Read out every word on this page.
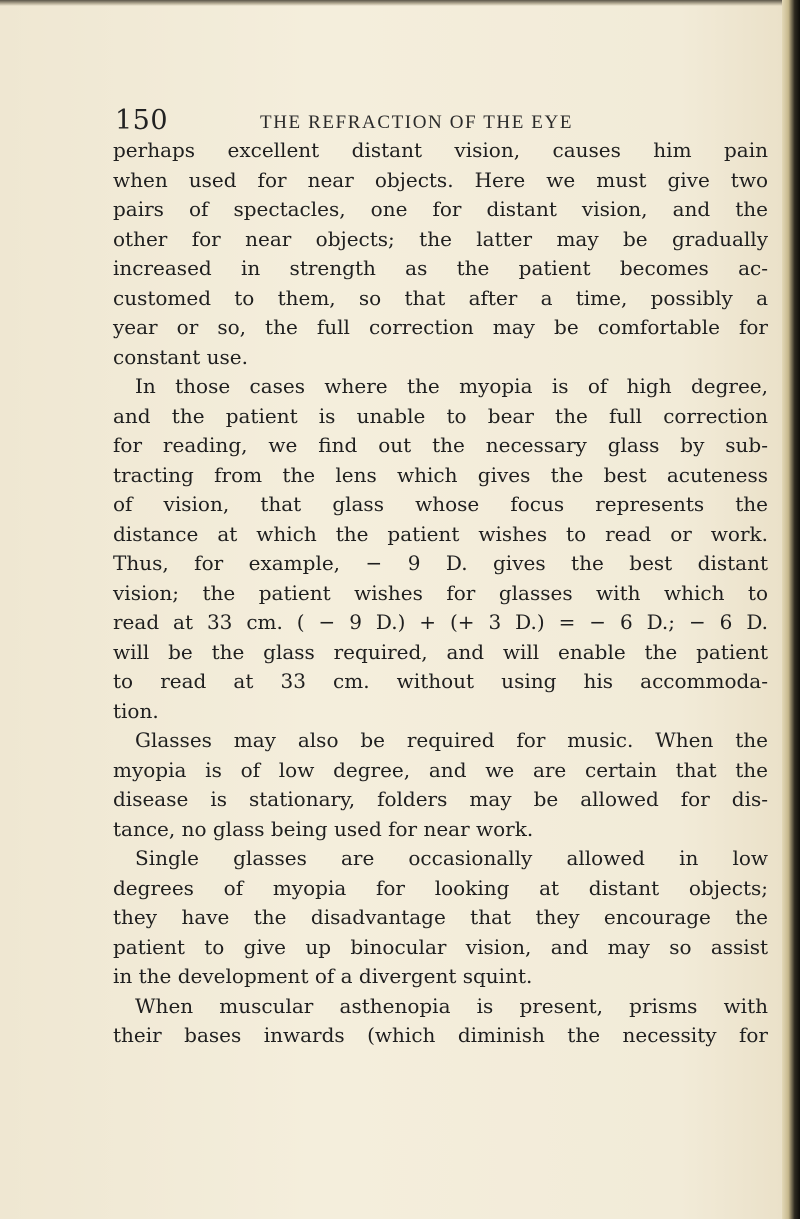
150	THE REFRACTION OF THE EYE
perhaps excellent distant vision, causes him pain
when used for near objects. Here we must give two
pairs of spectacles, one for distant vision, and the
other for near objects; the latter may be gradually
increased in strength as the patient becomes ac-
customed to them, so that after a time, possibly a
year or so, the full correction may be comfortable for
constant use.
In those cases where the myopia is of high degree,
and the patient is unable to bear the full correction
for reading, we find out the necessary glass by sub-
tracting from the lens which gives the best acuteness
of vision, that glass whose focus represents the
distance at which the patient wishes to read or work.
Thus, for example, − 9 D. gives the best distant
vision; the patient wishes for glasses with which to
read at 33 cm. ( − 9 D.) + (+ 3 D.) = − 6 D.; − 6 D.
will be the glass required, and will enable the patient
to read at 33 cm. without using his accommoda-
tion.
Glasses may also be required for music. When the
myopia is of low degree, and we are certain that the
disease is stationary, folders may be allowed for dis-
tance, no glass being used for near work.
Single glasses are occasionally allowed in low
degrees of myopia for looking at distant objects;
they have the disadvantage that they encourage the
patient to give up binocular vision, and may so assist
in the development of a divergent squint.
When muscular asthenopia is present, prisms with
their bases inwards (which diminish the necessity for
